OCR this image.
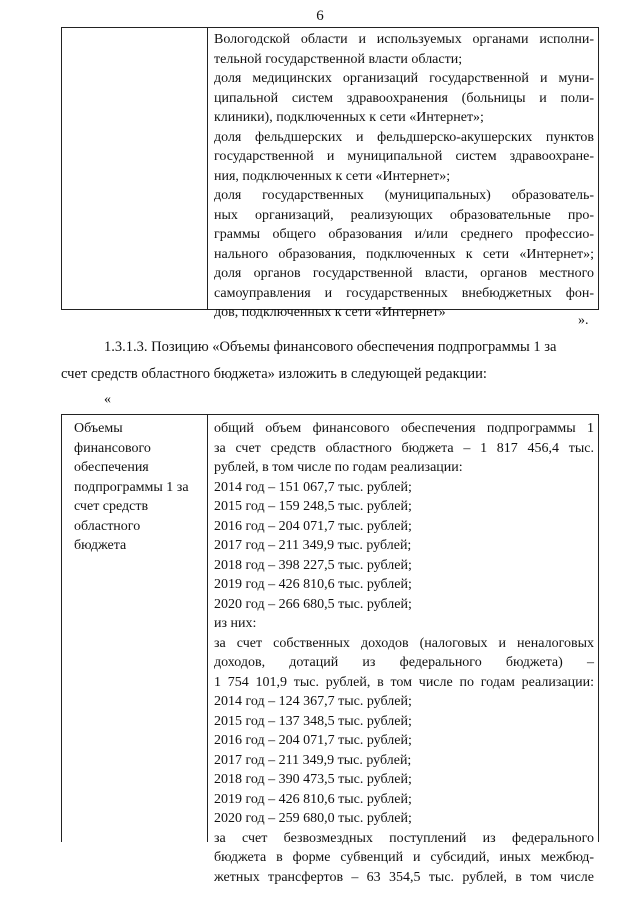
6
Вологодской области и используемых органами исполни-
тельной государственной власти области;
доля медицинских организаций государственной и муни-
ципальной систем здравоохранения (больницы и поли-
клиники), подключенных к сети «Интернет»;
доля фельдшерских и фельдшерско-акушерских пунктов
государственной и муниципальной систем здравоохране-
ния, подключенных к сети «Интернет»;
доля государственных (муниципальных) образователь-
ных организаций, реализующих образовательные про-
граммы общего образования и/или среднего профессио-
нального образования, подключенных к сети «Интернет»;
доля органов государственной власти, органов местного
самоуправления и государственных внебюджетных фон-
дов, подключенных к сети «Интернет»
».
1.3.1.3. Позицию «Объемы финансового обеспечения подпрограммы 1 за
счет средств областного бюджета» изложить в следующей редакции:
«
Объемы
финансового
обеспечения
подпрограммы 1 за
счет средств
областного
бюджета
общий объем финансового обеспечения подпрограммы 1
за счет средств областного бюджета – 1 817 456,4 тыс.
рублей, в том числе по годам реализации:
2014 год – 151 067,7 тыс. рублей;
2015 год – 159 248,5 тыс. рублей;
2016 год – 204 071,7 тыс. рублей;
2017 год – 211 349,9 тыс. рублей;
2018 год – 398 227,5 тыс. рублей;
2019 год – 426 810,6 тыс. рублей;
2020 год – 266 680,5 тыс. рублей;
из них:
за счет собственных доходов (налоговых и неналоговых
доходов, дотаций из федерального бюджета) –
1 754 101,9 тыс. рублей, в том числе по годам реализации:
2014 год – 124 367,7 тыс. рублей;
2015 год – 137 348,5 тыс. рублей;
2016 год – 204 071,7 тыс. рублей;
2017 год – 211 349,9 тыс. рублей;
2018 год – 390 473,5 тыс. рублей;
2019 год – 426 810,6 тыс. рублей;
2020 год – 259 680,0 тыс. рублей;
за счет безвозмездных поступлений из федерального
бюджета в форме субвенций и субсидий, иных межбюд-
жетных трансфертов – 63 354,5 тыс. рублей, в том числе
